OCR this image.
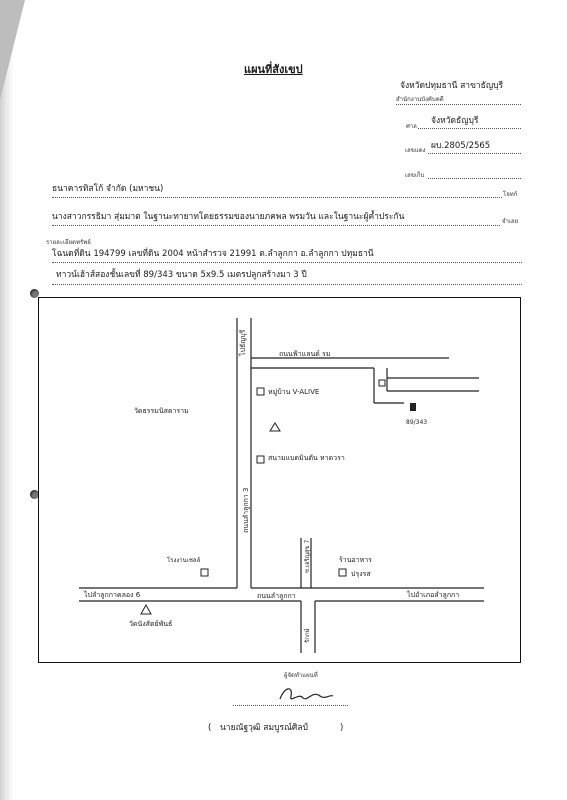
แผนที่สังเขป
จังหวัดปทุมธานี สาขาธัญบุรี
สำนักงานบังคับคดี
ศาล
จังหวัดธัญบุรี
เลขแดง ผบ.2805/2565
เลขเก็บ
ธนาคารทิสโก้ จำกัด (มหาชน)
โจทก์
นางสาวกรรธิมา สุ่มมาต ในฐานะทายาทโดยธรรมของนายภคพล พรมวัน และในฐานะผู้ค้ำประกัน	จำเลย
รายละเอียดทรัพย์
โฉนดที่ดิน 194799 เลขที่ดิน 2004 หน้าสำรวจ 21991 ต.ลำลูกกา อ.ลำลูกกา ปทุมธานี
ทาวน์เฮ้าส์สองชั้นเลขที่ 89/343 ขนาด 5x9.5 เมตรปลูกสร้างมา 3 ปี
ไปธัญบุรี
ถนนลำลูกกา 3
ถนนฟ้าแลนด์ รม
หมู่บ้าน V-ALIVE
วัดธรรมนิสดาราม
สนามแบดมินตัน หาดวรา
89/343
โรงงานเชลล์	ร้านอาหาร
ปรุงรส
ซ.เจริญสุข 7
รักกษ์
ถนนลำลูกกา
ไปลำลูกกาคลอง 6	ไปอำเภอลำลูกกา
วัดนังสัตย์พันธ์
ผู้จัดทำแผนที่
( นายณัฐวุฒิ สมบูรณ์ศิลป์	)
